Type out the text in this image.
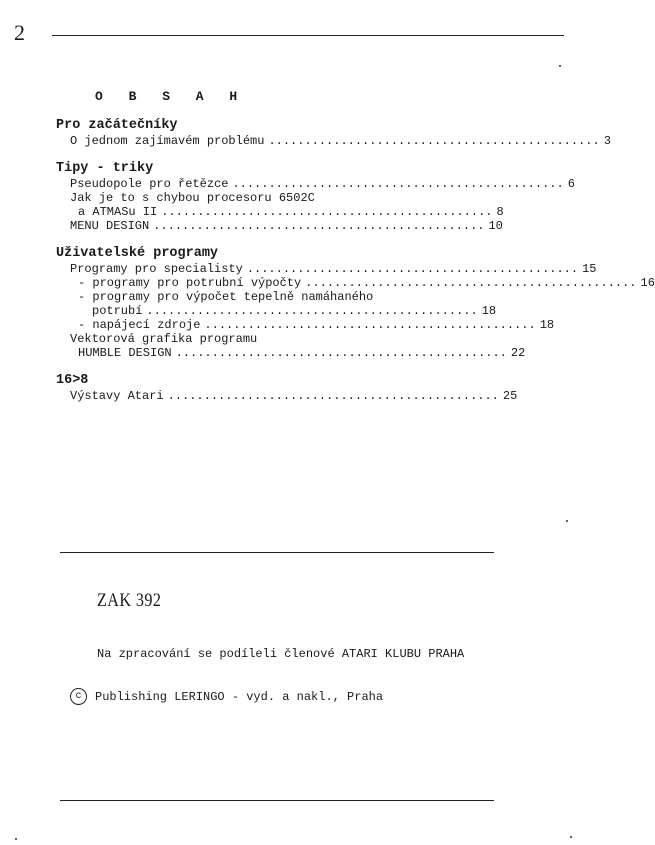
2
O B S A H
Pro začátečníky
O jednom zajímavém problému .............................................. 3
Tipy - triky
Pseudopole pro řetězce .............................................. 6
Jak je to s chybou procesoru 6502C
a ATMASu II .............................................. 8
MENU DESIGN .............................................. 10
Uživatelské programy
Programy pro specialisty .............................................. 15
- programy pro potrubní výpočty .............................................. 16
- programy pro výpočet tepelně namáhaného
potrubí .............................................. 18
- napájecí zdroje .............................................. 18
Vektorová grafika programu
HUMBLE DESIGN .............................................. 22
16>8
Výstavy Atari .............................................. 25
ZAK 392
Na zpracování se podíleli členové ATARI KLUBU PRAHA
c	Publishing LERINGO - vyd. a nakl., Praha
